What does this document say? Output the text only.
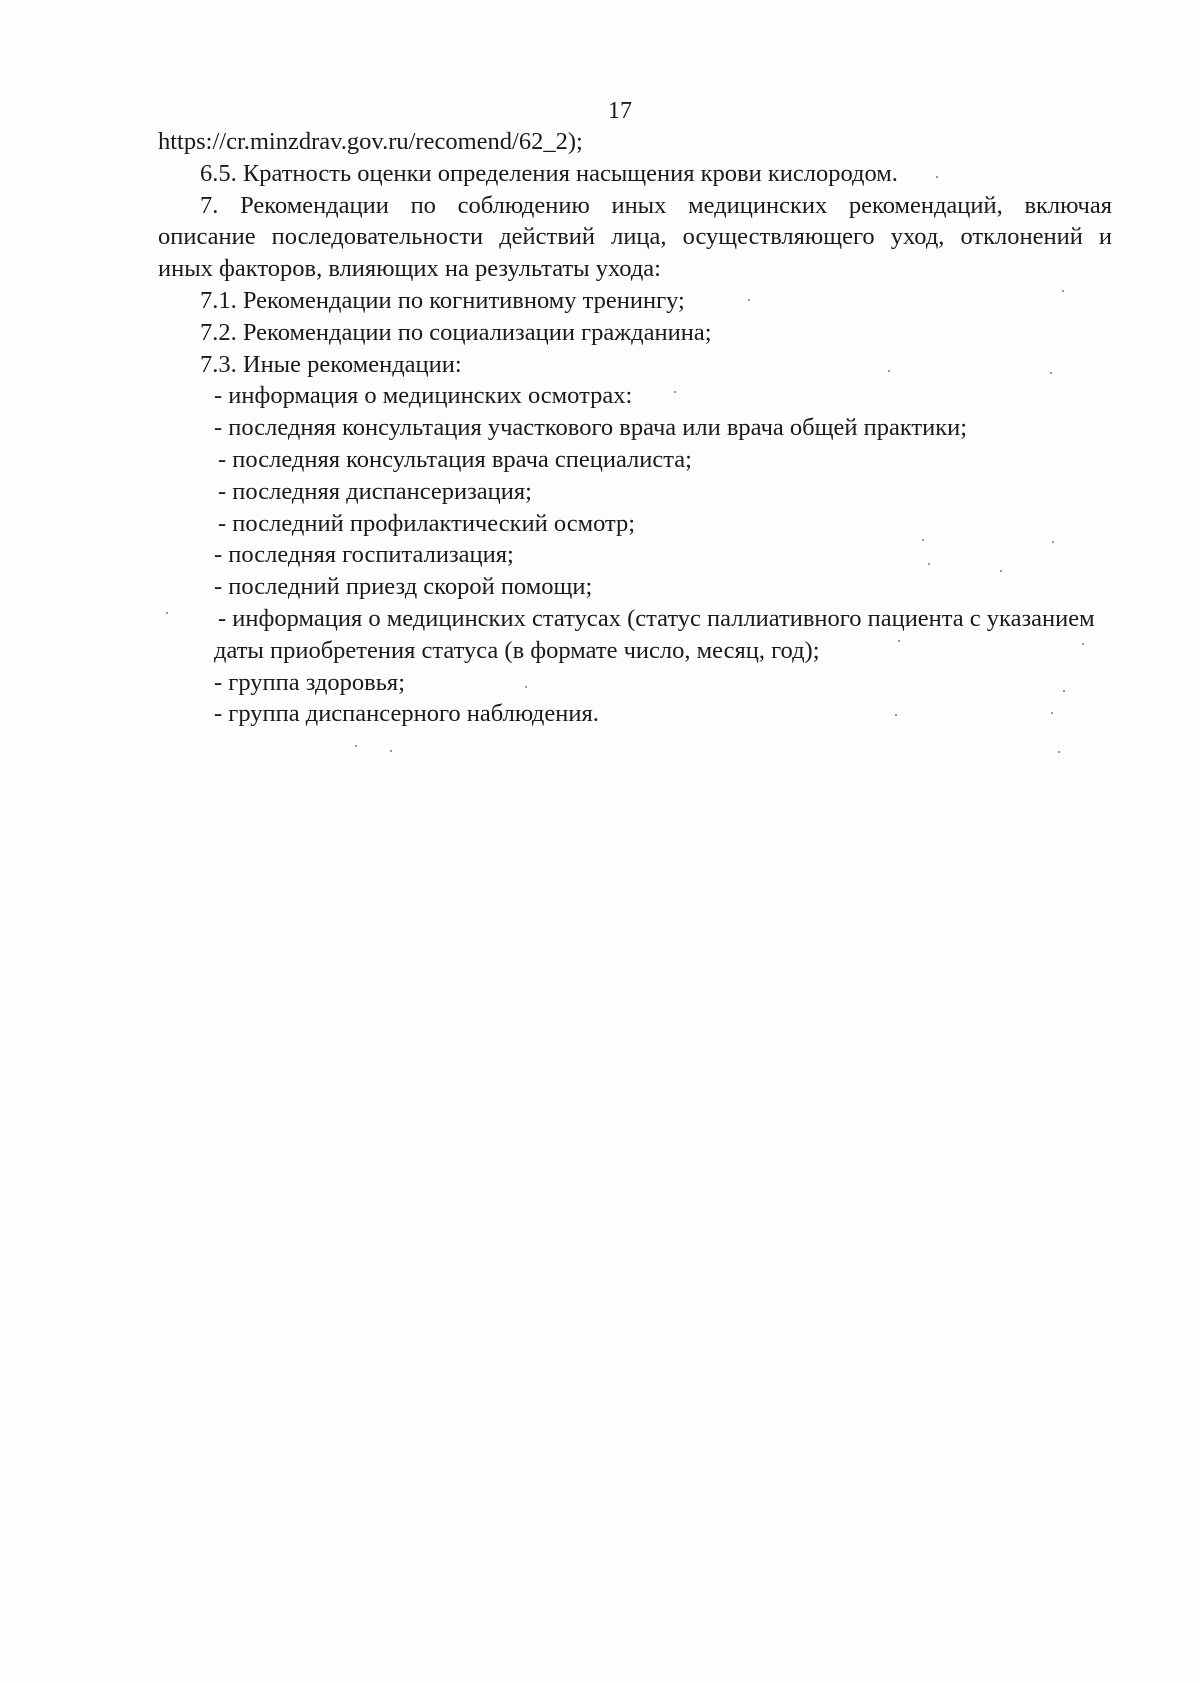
17
https://cr.minzdrav.gov.ru/recomend/62_2);
6.5. Кратность оценки определения насыщения крови кислородом.
7. Рекомендации по соблюдению иных медицинских рекомендаций, включая
описание последовательности действий лица, осуществляющего уход, отклонений и
иных факторов, влияющих на результаты ухода:
7.1. Рекомендации по когнитивному тренингу;
7.2. Рекомендации по социализации гражданина;
7.3. Иные рекомендации:
- информация о медицинских осмотрах:
- последняя консультация участкового врача или врача общей практики;
- последняя консультация врача специалиста;
- последняя диспансеризация;
- последний профилактический осмотр;
- последняя госпитализация;
- последний приезд скорой помощи;
- информация о медицинских статусах (статус паллиативного пациента с указанием
даты приобретения статуса (в формате число, месяц, год);
- группа здоровья;
- группа диспансерного наблюдения.
